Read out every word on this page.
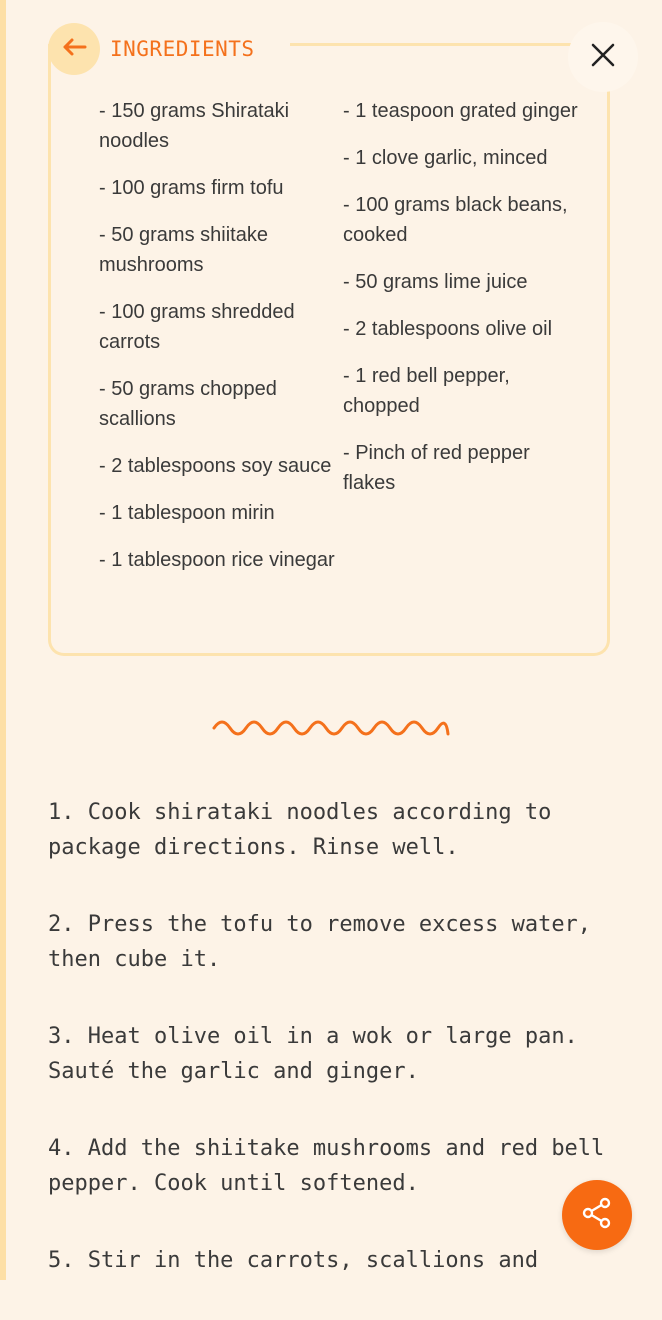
INGREDIENTS
- 150 grams Shirataki noodles
- 100 grams firm tofu
- 50 grams shiitake mushrooms
- 100 grams shredded carrots
- 50 grams chopped scallions
- 2 tablespoons soy sauce
- 1 tablespoon mirin
- 1 tablespoon rice vinegar
- 1 teaspoon grated ginger
- 1 clove garlic, minced
- 100 grams black beans, cooked
- 50 grams lime juice
- 2 tablespoons olive oil
- 1 red bell pepper, chopped
- Pinch of red pepper flakes
1. Cook shirataki noodles according to package directions. Rinse well.
2. Press the tofu to remove excess water, then cube it.
3. Heat olive oil in a wok or large pan. Sauté the garlic and ginger.
4. Add the shiitake mushrooms and red bell pepper. Cook until softened.
5. Stir in the carrots, scallions and
